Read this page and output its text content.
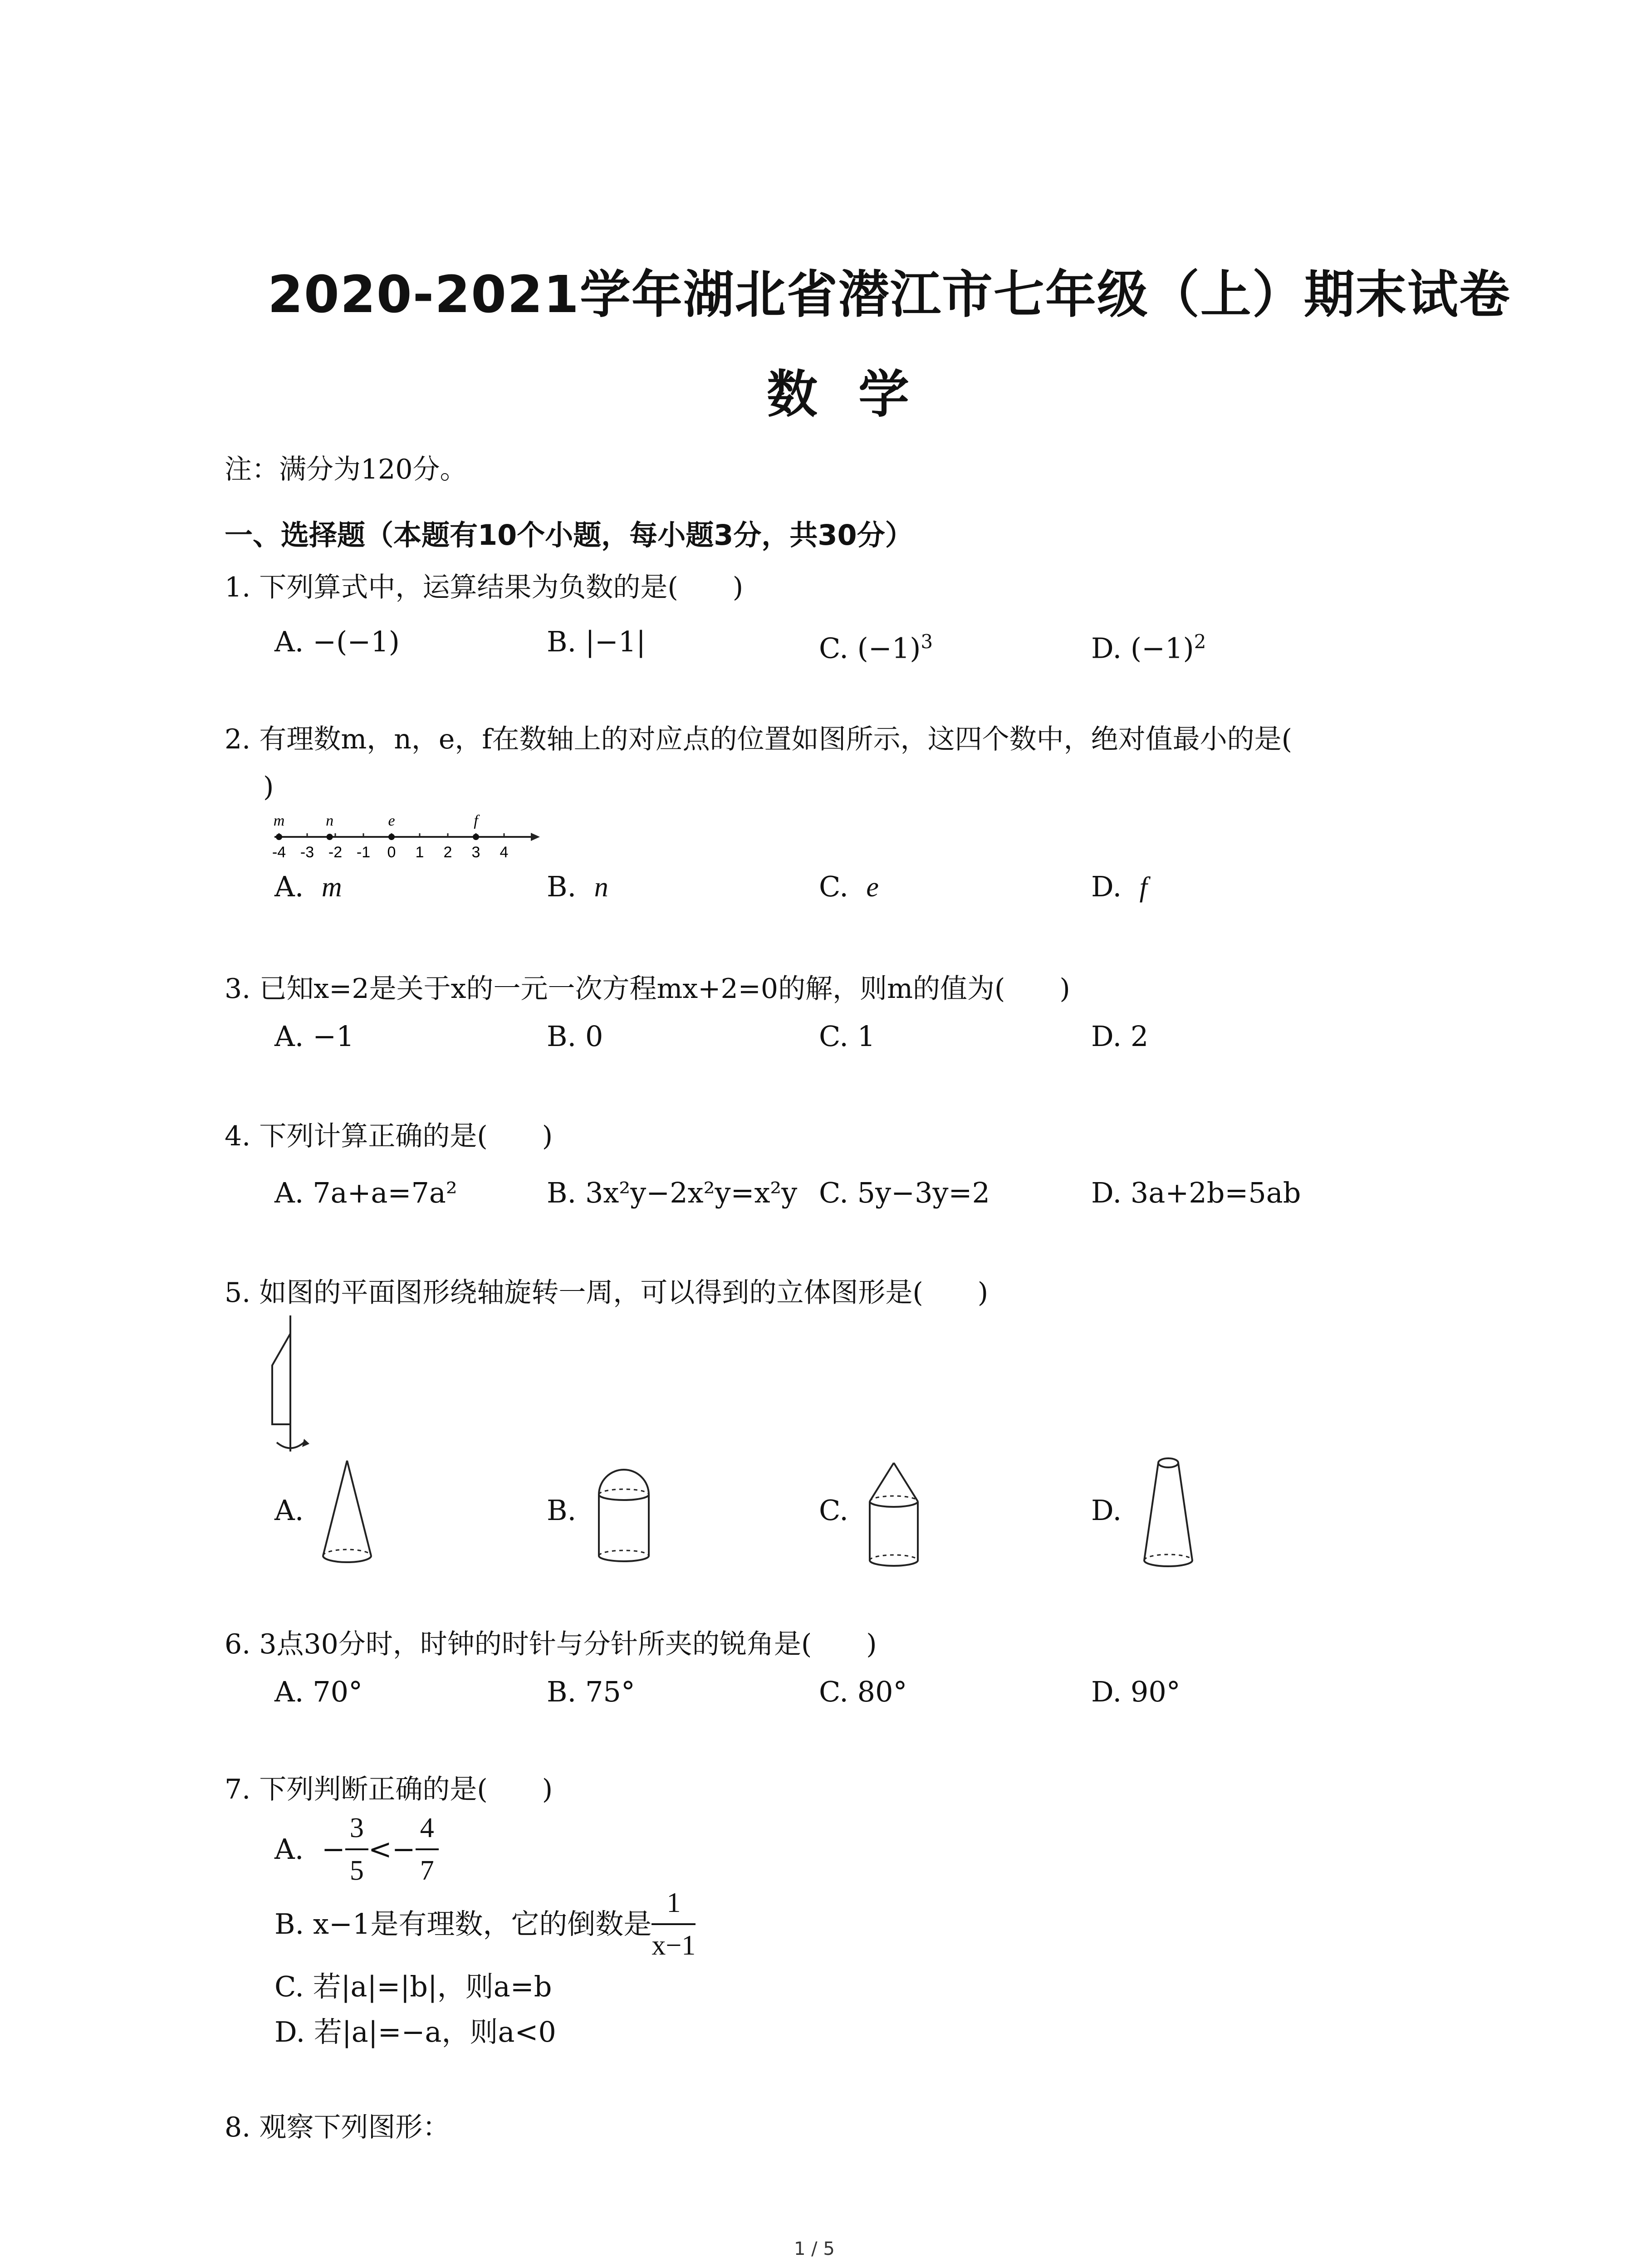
2020-2021学年湖北省潜江市七年级（上）期末试卷
数学
注：满分为120分。
一、选择题（本题有10个小题，每小题3分，共30分）
1. 下列算式中，运算结果为负数的是(　　)
A. −(−1)	B. |−1|	C. $(-1)^3$	D. $(-1)^2$
2. 有理数m，n，e，f在数轴上的对应点的位置如图所示，这四个数中，绝对值最小的是(
)
-4 -3 -2 -1 0 1 2 3 4
m	n	e	f
A. m	B. n	C. e	D. f
3. 已知x=2是关于x的一元一次方程mx+2=0的解，则m的值为(　　)
A. −1	B. 0	C. 1	D. 2
4. 下列计算正确的是(　　)
A. 7a+a=7a²	B. 3x²y−2x²y=x²y C. 5y−3y=2	D. 3a+2b=5ab
5. 如图的平面图形绕轴旋转一周，可以得到的立体图形是(　　)
A.	B.	C.	D.
6. 3点30分时，时钟的时针与分针所夹的锐角是(　　)
A. 70°	B. 75°	C. 80°	D. 90°
7. 下列判断正确的是(　　)
A. − $\frac{3}{5} <- \frac{4}{7}$
B. x−1是有理数，它的倒数是 $\frac{1}{x-1}$
C. 若|a|=|b|，则a=b
D. 若|a|=−a，则a<0
8. 观察下列图形：
1 / 5
